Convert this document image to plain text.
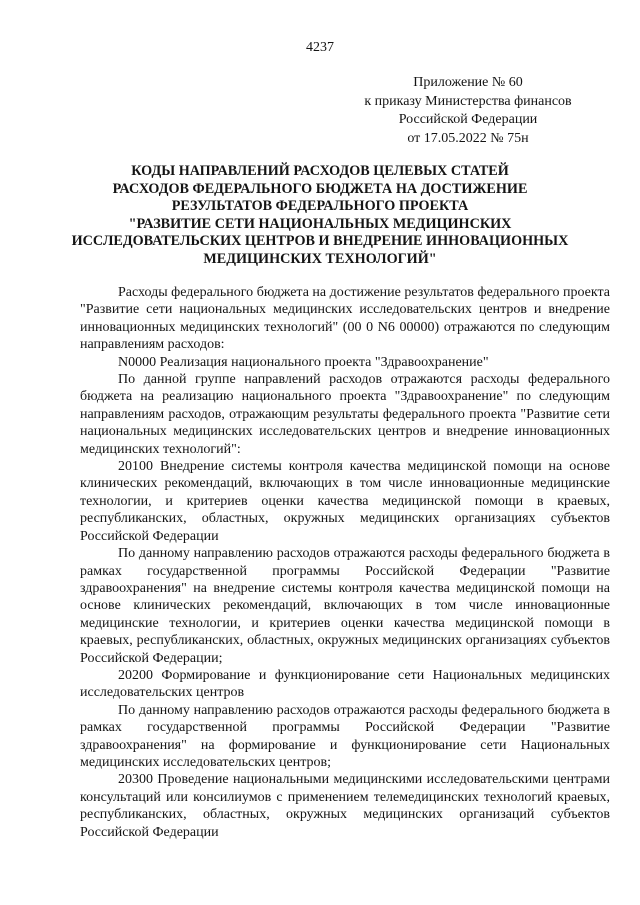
4237
Приложение № 60
к приказу Министерства финансов
Российской Федерации
от 17.05.2022 № 75н
КОДЫ НАПРАВЛЕНИЙ РАСХОДОВ ЦЕЛЕВЫХ СТАТЕЙ
РАСХОДОВ ФЕДЕРАЛЬНОГО БЮДЖЕТА НА ДОСТИЖЕНИЕ
РЕЗУЛЬТАТОВ ФЕДЕРАЛЬНОГО ПРОЕКТА
"РАЗВИТИЕ СЕТИ НАЦИОНАЛЬНЫХ МЕДИЦИНСКИХ
ИССЛЕДОВАТЕЛЬСКИХ ЦЕНТРОВ И ВНЕДРЕНИЕ ИННОВАЦИОННЫХ
МЕДИЦИНСКИХ ТЕХНОЛОГИЙ"

Расходы федерального бюджета на достижение результатов федерального проекта "Развитие сети национальных медицинских исследовательских центров и внедрение инновационных медицинских технологий" (00 0 N6 00000) отражаются по следующим направлениям расходов:

N0000 Реализация национального проекта "Здравоохранение"

По данной группе направлений расходов отражаются расходы федерального бюджета на реализацию национального проекта "Здравоохранение" по следующим направлениям расходов, отражающим результаты федерального проекта "Развитие сети национальных медицинских исследовательских центров и внедрение инновационных медицинских технологий":

20100 Внедрение системы контроля качества медицинской помощи на основе клинических рекомендаций, включающих в том числе инновационные медицинские технологии, и критериев оценки качества медицинской помощи в краевых, республиканских, областных, окружных медицинских организациях субъектов Российской Федерации

По данному направлению расходов отражаются расходы федерального бюджета в рамках государственной программы Российской Федерации "Развитие здравоохранения" на внедрение системы контроля качества медицинской помощи на основе клинических рекомендаций, включающих в том числе инновационные медицинские технологии, и критериев оценки качества медицинской помощи в краевых, республиканских, областных, окружных медицинских организациях субъектов Российской Федерации;

20200 Формирование и функционирование сети Национальных медицинских исследовательских центров

По данному направлению расходов отражаются расходы федерального бюджета в рамках государственной программы Российской Федерации "Развитие здравоохранения" на формирование и функционирование сети Национальных медицинских исследовательских центров;

20300 Проведение национальными медицинскими исследовательскими центрами консультаций или консилиумов с применением телемедицинских технологий краевых, республиканских, областных, окружных медицинских организаций субъектов Российской Федерации
